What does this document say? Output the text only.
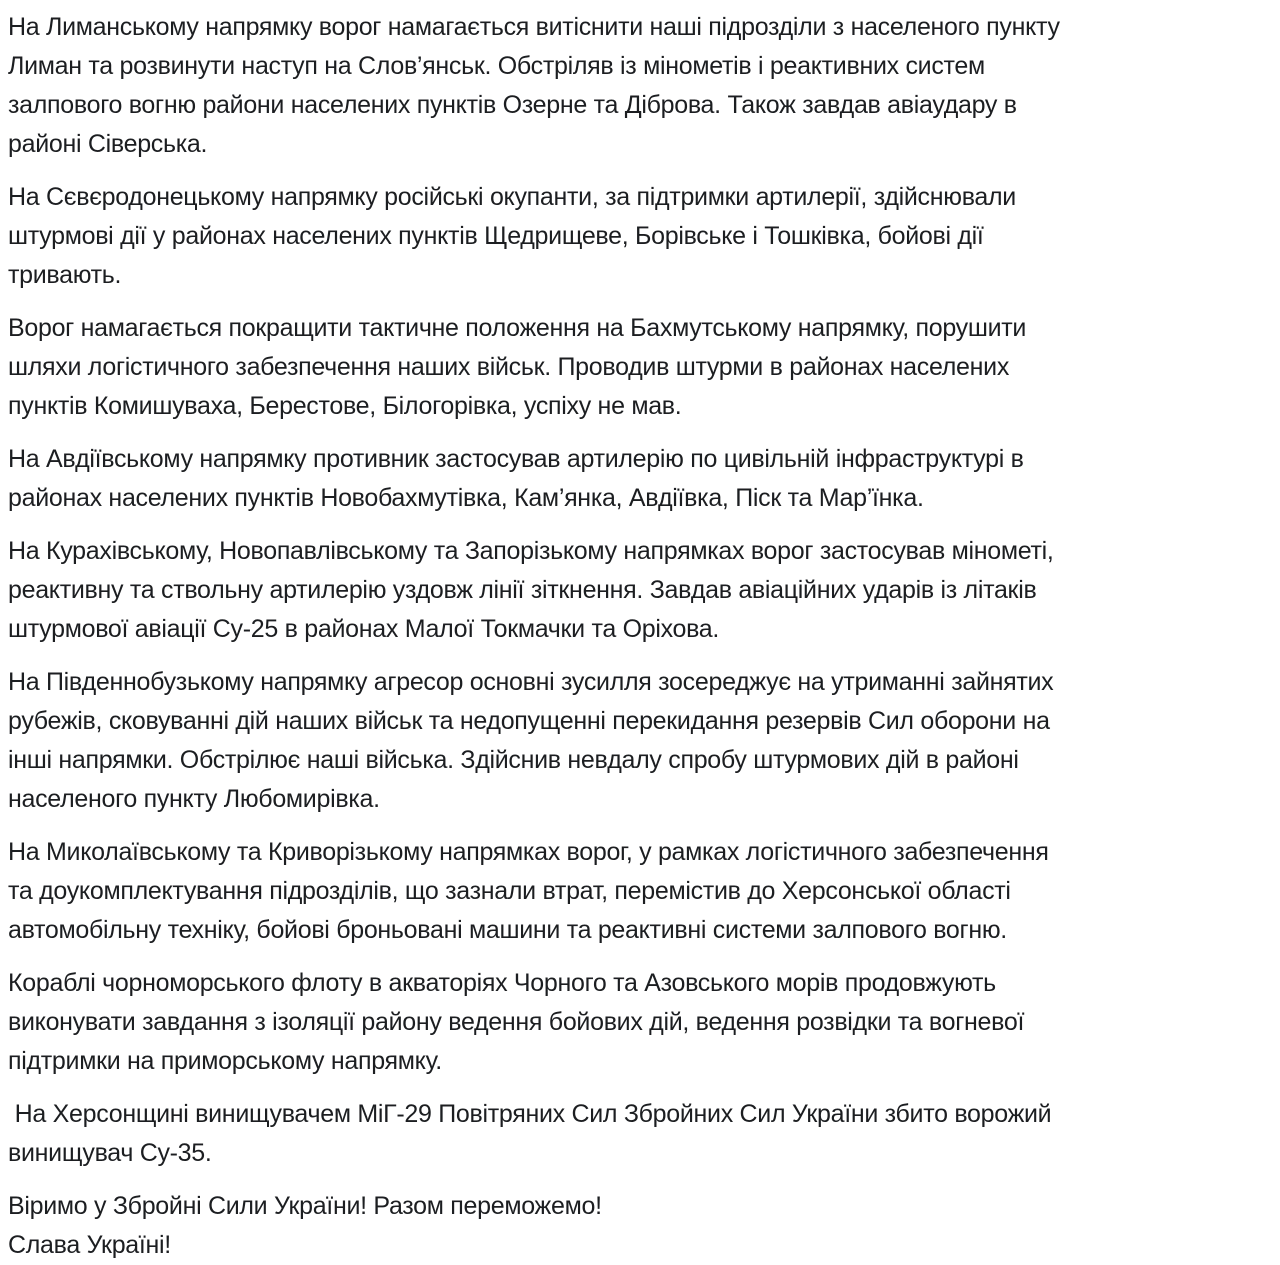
На Лиманському напрямку ворог намагається витіснити наші підрозділи з населеного пункту
Лиман та розвинути наступ на Слов’янськ. Обстріляв із мінометів і реактивних систем
залпового вогню райони населених пунктів Озерне та Діброва. Також завдав авіаудару в
районі Сіверська.

На Сєвєродонецькому напрямку російські окупанти, за підтримки артилерії, здійснювали
штурмові дії у районах населених пунктів Щедрищеве, Борівське і Тошківка, бойові дії
тривають.

Ворог намагається покращити тактичне положення на Бахмутському напрямку, порушити
шляхи логістичного забезпечення наших військ. Проводив штурми в районах населених
пунктів Комишуваха, Берестове, Білогорівка, успіху не мав.

На Авдіївському напрямку противник застосував артилерію по цивільній інфраструктурі в
районах населених пунктів Новобахмутівка, Кам’янка, Авдіївка, Піск та Мар’їнка.

На Курахівському, Новопавлівському та Запорізькому напрямках ворог застосував мінометі,
реактивну та ствольну артилерію уздовж лінії зіткнення. Завдав авіаційних ударів із літаків
штурмової авіації Су-25 в районах Малої Токмачки та Оріхова.

На Південнобузькому напрямку агресор основні зусилля зосереджує на утриманні зайнятих
рубежів, сковуванні дій наших військ та недопущенні перекидання резервів Сил оборони на
інші напрямки. Обстрілює наші війська. Здійснив невдалу спробу штурмових дій в районі
населеного пункту Любомирівка.

На Миколаївському та Криворізькому напрямках ворог, у рамках логістичного забезпечення
та доукомплектування підрозділів, що зазнали втрат, перемістив до Херсонської області
автомобільну техніку, бойові броньовані машини та реактивні системи залпового вогню.

Кораблі чорноморського флоту в акваторіях Чорного та Азовського морів продовжують
виконувати завдання з ізоляції району ведення бойових дій, ведення розвідки та вогневої
підтримки на приморському напрямку.

На Херсонщині винищувачем МіГ-29 Повітряних Сил Збройних Сил України збито ворожий
винищувач Су-35.

Віримо у Збройні Сили України! Разом переможемо!
Слава Україні!
